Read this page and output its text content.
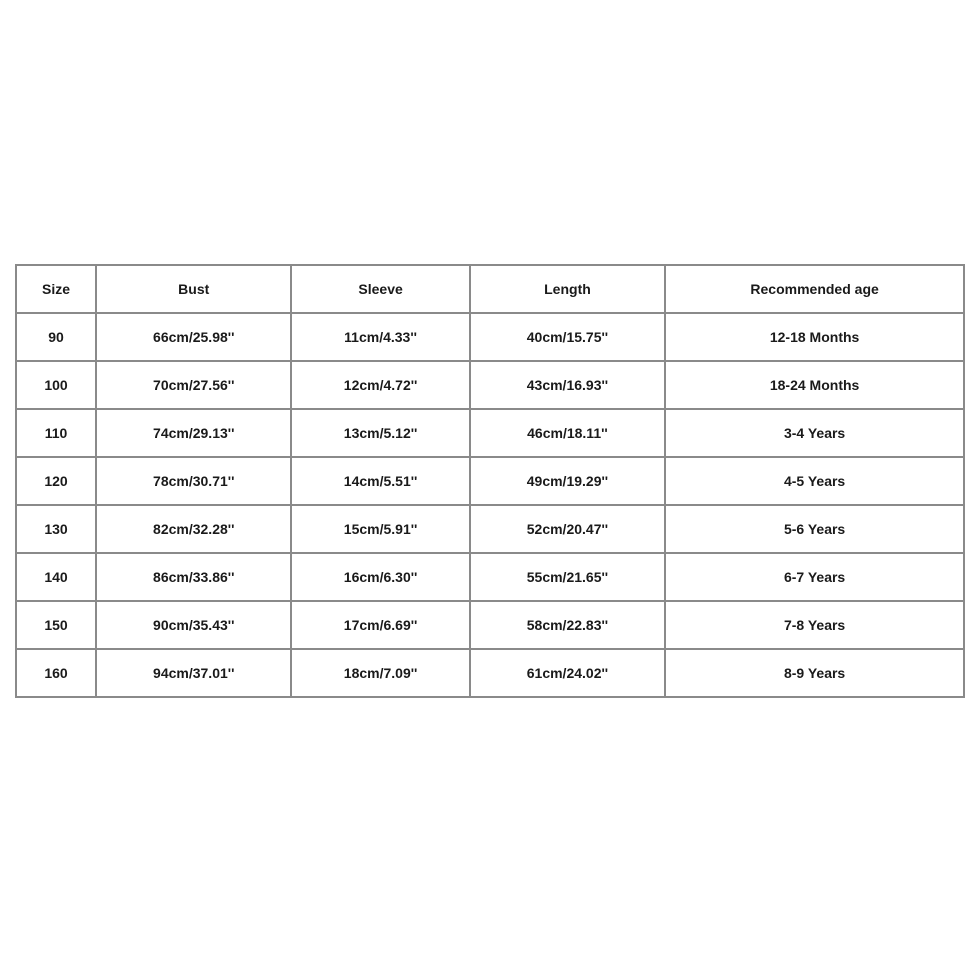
Size	Bust	Sleeve	Length	Recommended age
90	66cm/25.98''	11cm/4.33''	40cm/15.75''	12-18 Months
100	70cm/27.56''	12cm/4.72''	43cm/16.93''	18-24 Months
110	74cm/29.13''	13cm/5.12''	46cm/18.11''	3-4 Years
120	78cm/30.71''	14cm/5.51''	49cm/19.29''	4-5 Years
130	82cm/32.28''	15cm/5.91''	52cm/20.47''	5-6 Years
140	86cm/33.86''	16cm/6.30''	55cm/21.65''	6-7 Years
150	90cm/35.43''	17cm/6.69''	58cm/22.83''	7-8 Years
160	94cm/37.01''	18cm/7.09''	61cm/24.02''	8-9 Years
